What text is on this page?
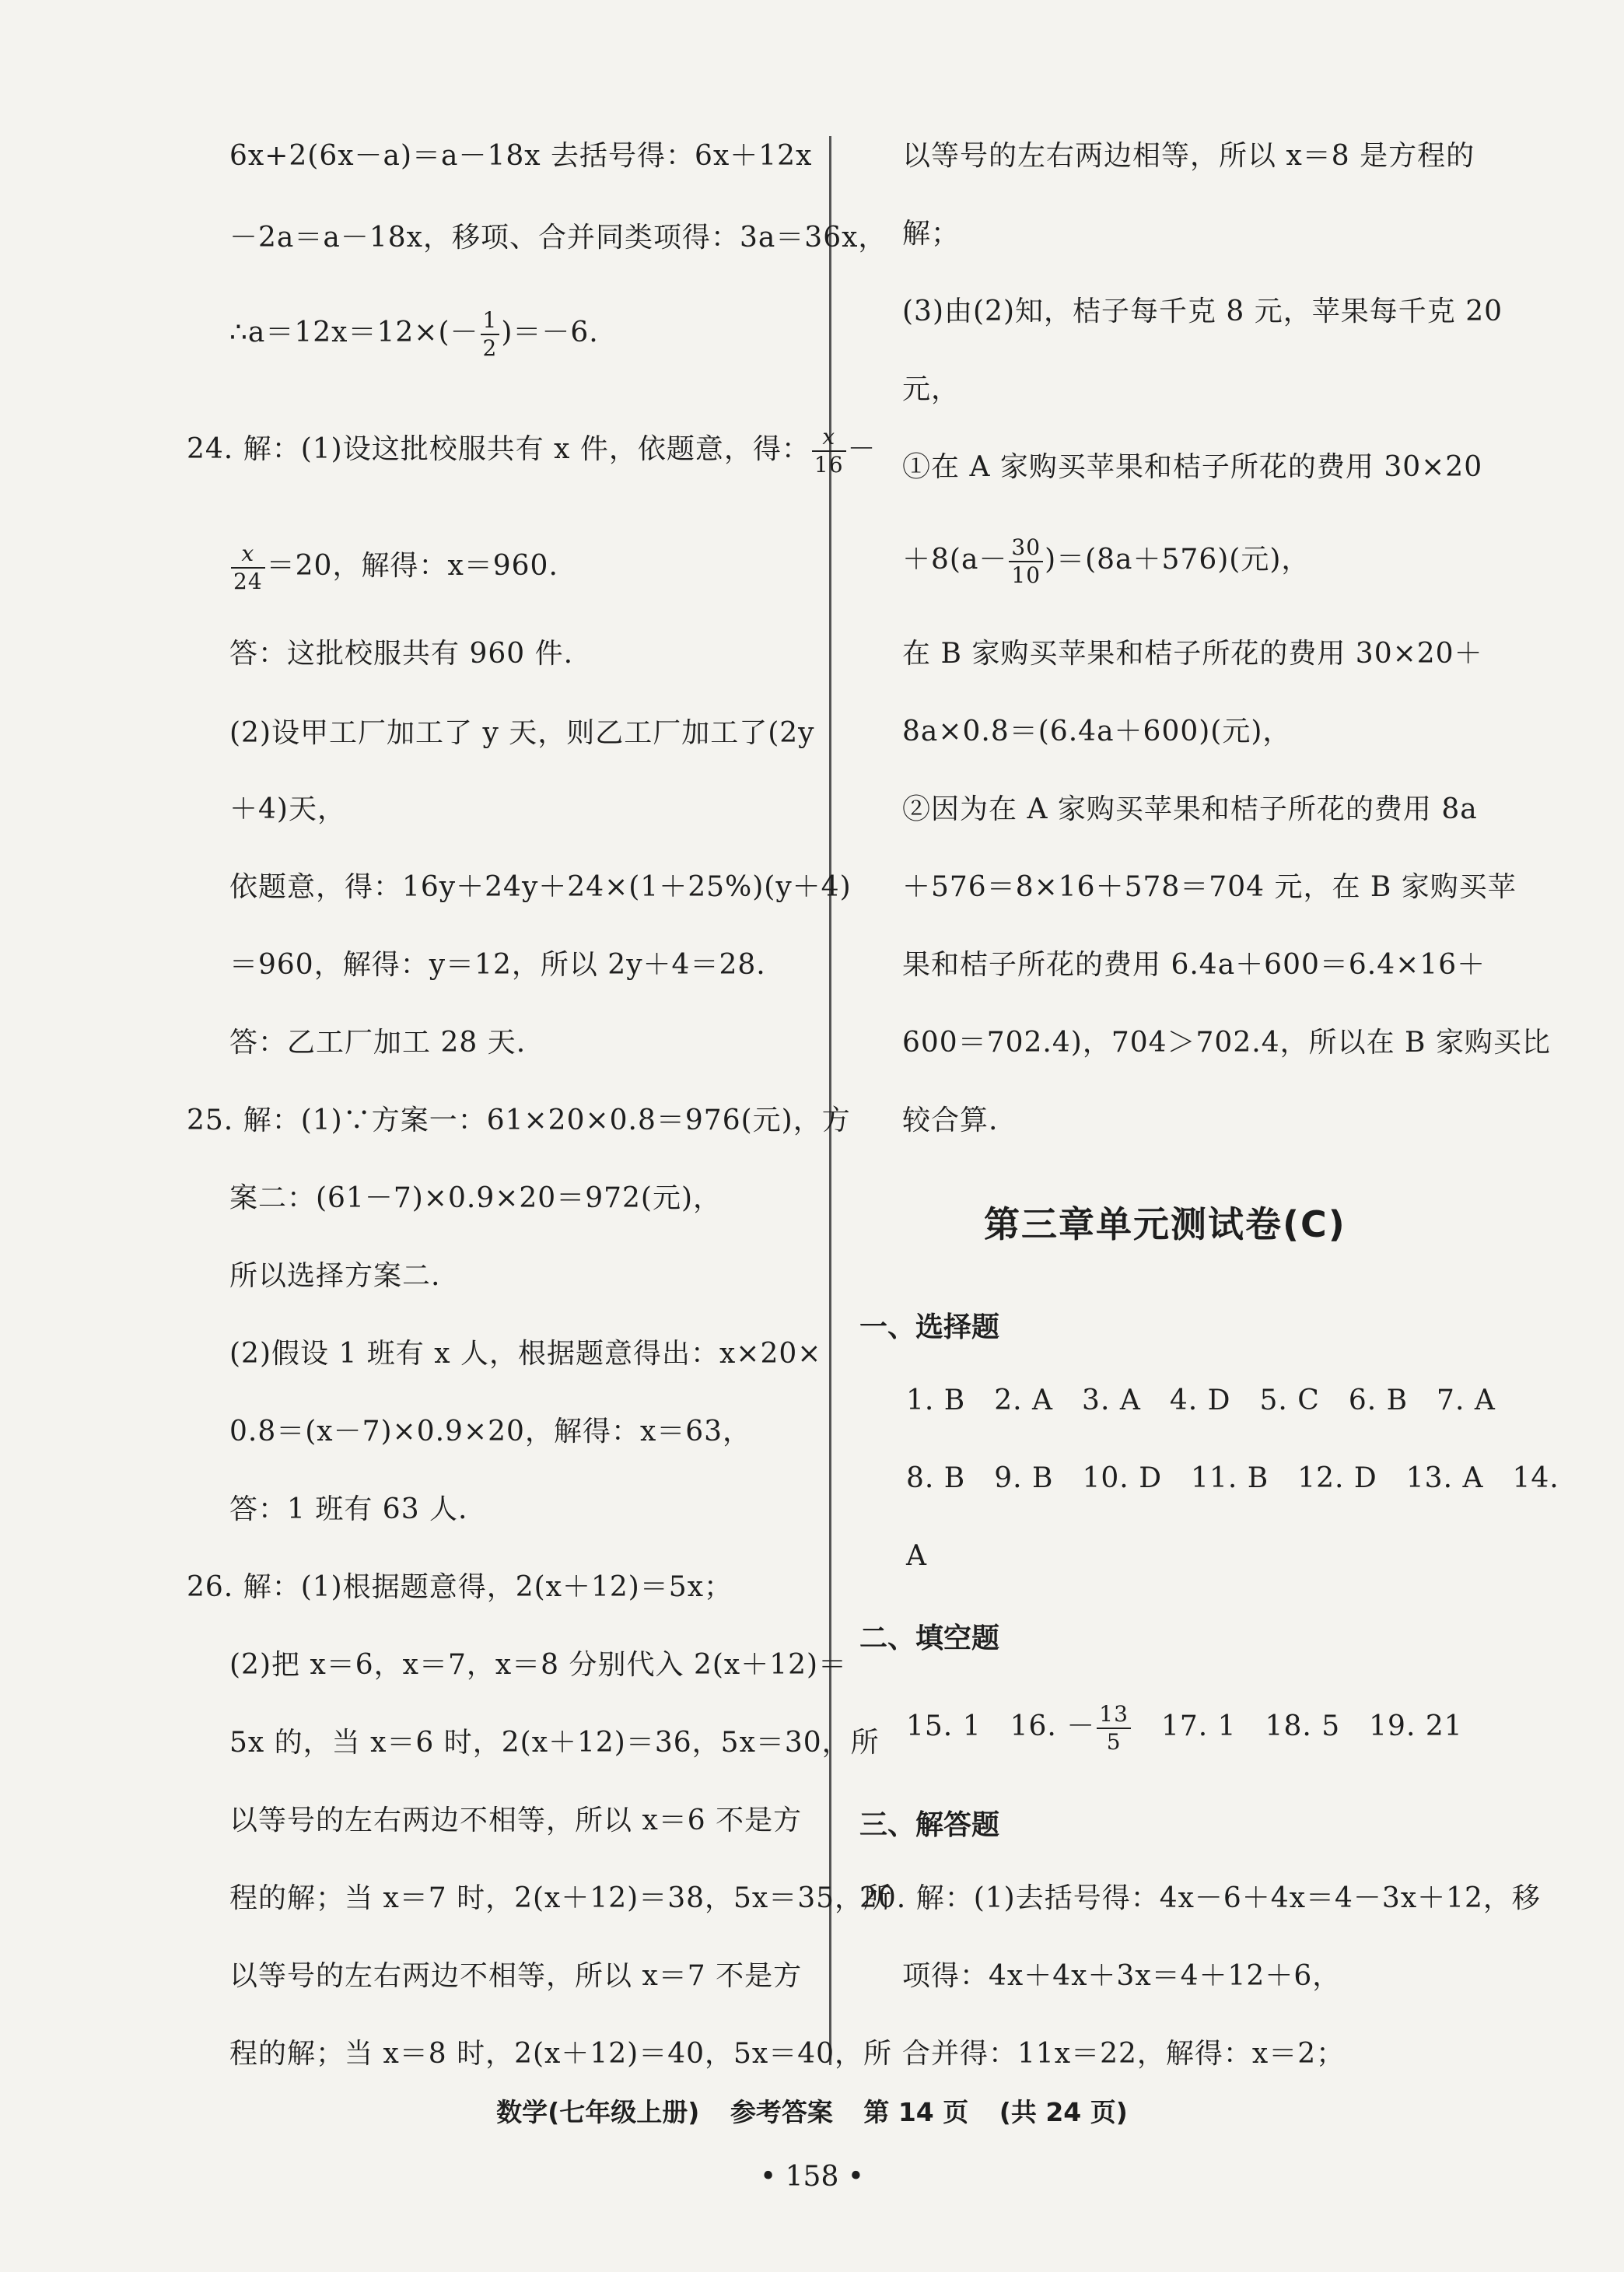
6x+2(6x－a)＝a－18x 去括号得：6x＋12x
－2a＝a－18x，移项、合并同类项得：3a＝36x，
∴a＝12x＝12×(－ $\frac{1}{2} )=-6$.
24. 解：(1)设这批校服共有 x 件，依题意，得： $\frac{x}{16}$ －
$\frac{x}{24} =20$，解得：x＝960.
答：这批校服共有 960 件.
(2)设甲工厂加工了 y 天，则乙工厂加工了(2y
＋4)天，
依题意，得：16y＋24y＋24×(1＋25%)(y＋4)
＝960，解得：y＝12，所以 2y＋4＝28.
答：乙工厂加工 28 天.
25. 解：(1)∵方案一：61×20×0.8＝976(元)，方
案二：(61－7)×0.9×20＝972(元)，
所以选择方案二.
(2)假设 1 班有 x 人，根据题意得出：x×20×
0.8＝(x－7)×0.9×20，解得：x＝63，
答：1 班有 63 人.
26. 解：(1)根据题意得，2(x＋12)＝5x；
(2)把 x＝6，x＝7，x＝8 分别代入 2(x＋12)＝
5x 的，当 x＝6 时，2(x＋12)＝36，5x＝30，所
以等号的左右两边不相等，所以 x＝6 不是方
程的解；当 x＝7 时，2(x＋12)＝38，5x＝35，所
以等号的左右两边不相等，所以 x＝7 不是方
程的解；当 x＝8 时，2(x＋12)＝40，5x＝40，所
以等号的左右两边相等，所以 x＝8 是方程的
解；
(3)由(2)知，桔子每千克 8 元，苹果每千克 20
元，
①在 A 家购买苹果和桔子所花的费用 30×20
$+8(a- \frac{30}{10} )=(8a+576)$(元)，
在 B 家购买苹果和桔子所花的费用 30×20＋
8a×0.8＝(6.4a＋600)(元)，
②因为在 A 家购买苹果和桔子所花的费用 8a
＋576＝8×16＋578＝704 元，在 B 家购买苹
果和桔子所花的费用 6.4a＋600＝6.4×16＋
600＝702.4)，704＞702.4，所以在 B 家购买比
较合算.
第三章单元测试卷(C)
一、选择题
1. B　2. A　3. A　4. D　5. C　6. B　7. A
8. B　9. B　10. D　11. B　12. D　13. A　14.
A
二、填空题
15. 1　16. － $\frac{13}{5}$ 　17. 1　18. 5　19. 21
三、解答题
20. 解：(1)去括号得：4x－6＋4x＝4－3x＋12，移
项得：4x＋4x＋3x＝4＋12＋6，
合并得：11x＝22，解得：x＝2；
数学(七年级上册) 参考答案 第 14 页 (共 24 页)
• 158 •
